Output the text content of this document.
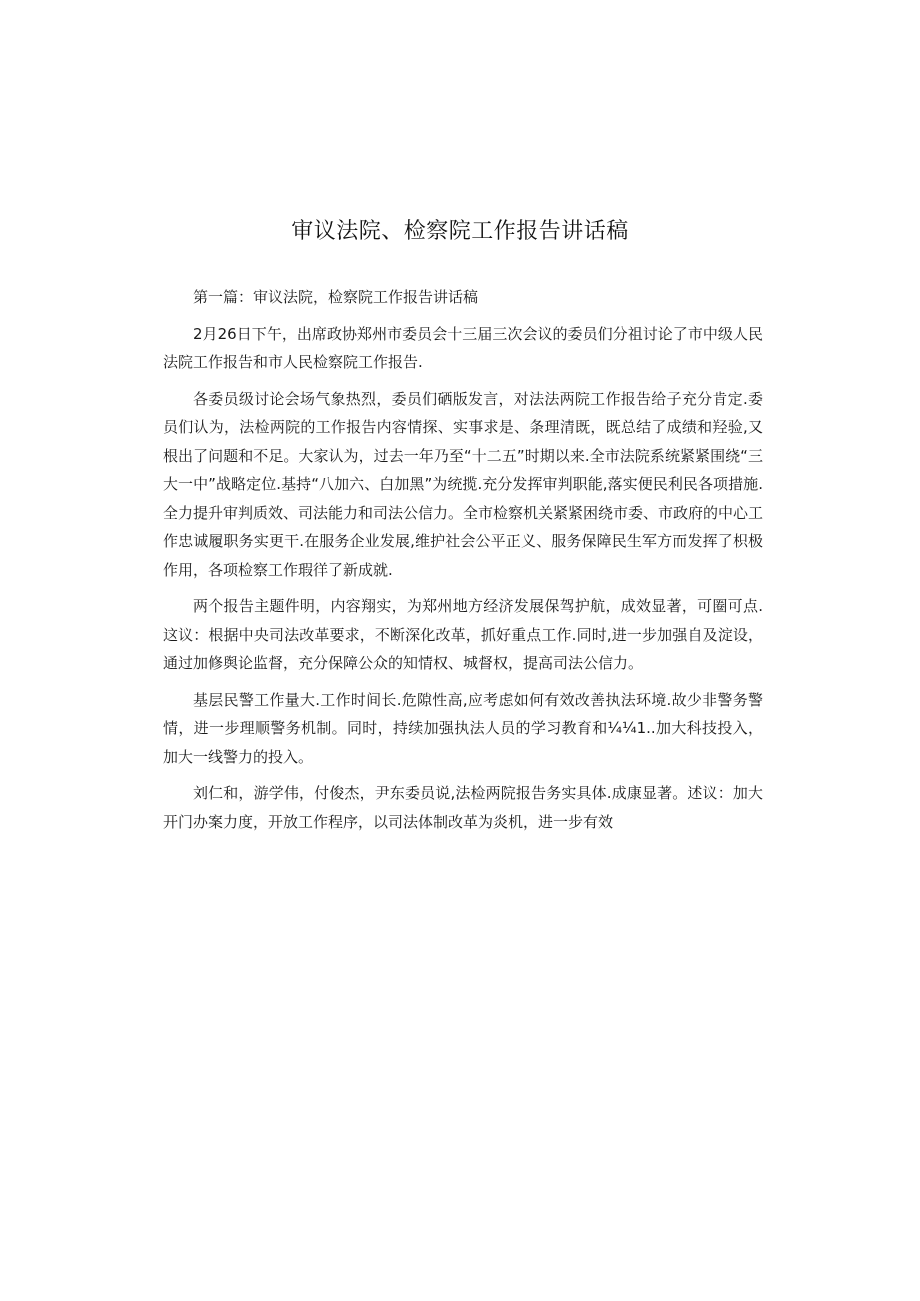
审议法院、检察院工作报告讲话稿

第一篇：审议法院，检察院工作报告讲话稿

2月26日下午，出席政协郑州市委员会十三届三次会议的委员们分祖讨论了市中级人民法院工作报告和市人民检察院工作报告.

各委员级讨论会场气象热烈，委员们硒版发言，对法法两院工作报告给子充分肯定.委员们认为，法检两院的工作报告内容情探、实事求是、条理清既，既总结了成绩和羟验,又根出了问题和不足。大家认为，过去一年乃至“十二五”时期以来.全市法院系统紧紧围绕“三大一中”战略定位.基持“八加六、白加黑”为统揽.充分发挥审判职能,落实便民利民各项措施.全力提升审判质效、司法能力和司法公信力。全市检察机关紧紧困绕市委、市政府的中心工作忠诚履职务实更干.在服务企业发展,维护社会公平正义、服务保障民生军方而发挥了枳极作用，各项检察工作瑕徉了新成就.

两个报告主题件明，内容翔实，为郑州地方经济发展保驾护航，成效显著，可圈可点.这议：根据中央司法改革要求，不断深化改革，抓好重点工作.同时,进一步加强自及淀设，通过加修舆论监督，充分保障公众的知情权、城督权，提高司法公信力。

基层民警工作量大.工作时间长.危隙性高,应考虑如何有效改善执法环境.故少非警务警情，进一步理顺警务机制。同时，持续加强执法人员的学习教育和¼¼1..加大科技投入，加大一线警力的投入。

刘仁和，游学伟，付俊杰，尹东委员说,法检两院报告务实具体.成康显著。述议：加大开门办案力度，开放工作程序，以司法体制改革为炎机，进一步有效
